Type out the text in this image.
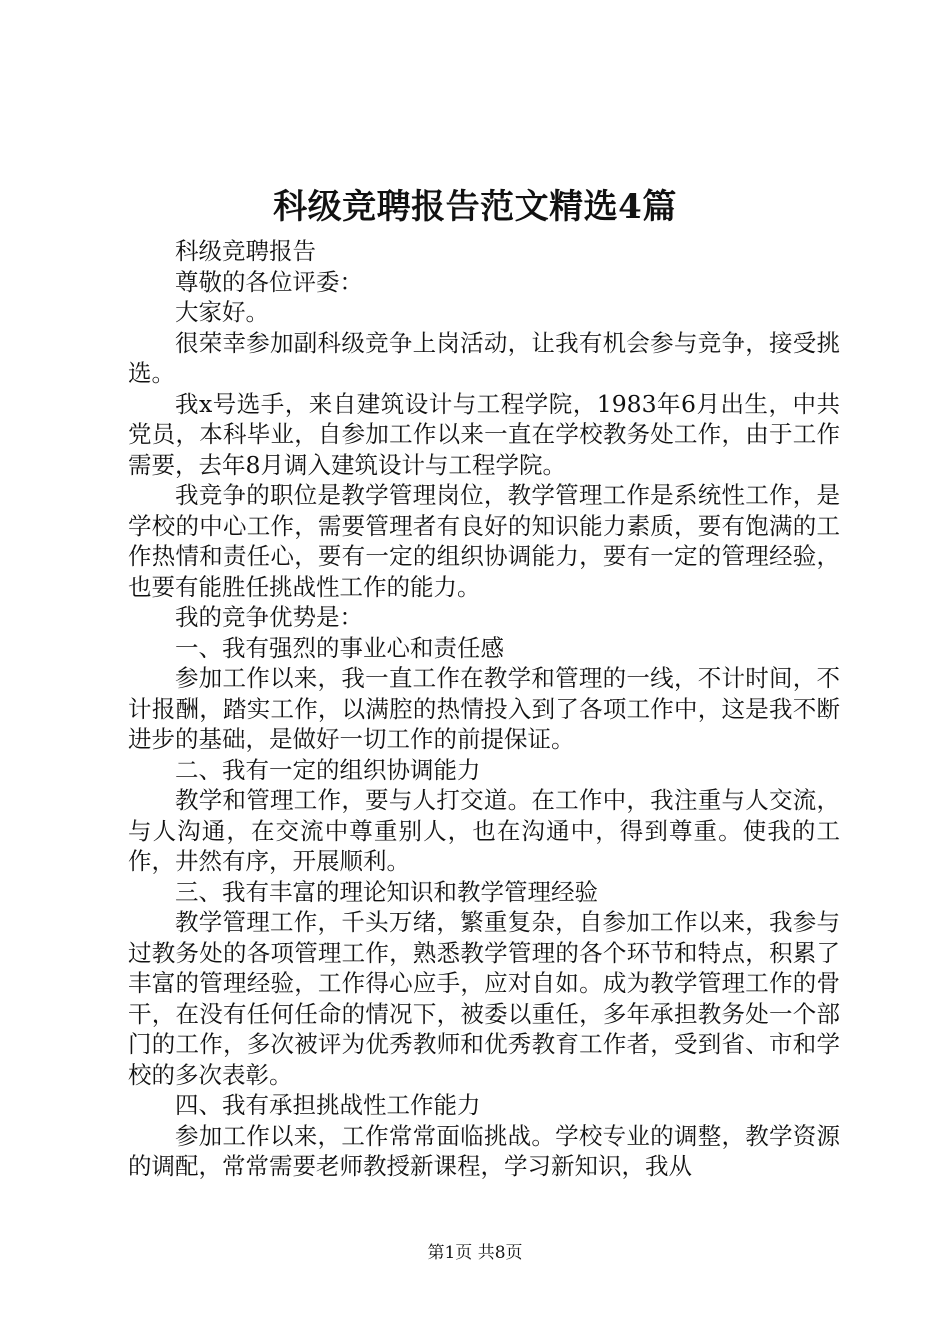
科级竞聘报告范文精选4篇

科级竞聘报告

尊敬的各位评委：

大家好。

很荣幸参加副科级竞争上岗活动，让我有机会参与竞争，接受挑选。

我x号选手，来自建筑设计与工程学院，1983年6月出生，中共党员，本科毕业，自参加工作以来一直在学校教务处工作，由于工作需要，去年8月调入建筑设计与工程学院。

我竞争的职位是教学管理岗位，教学管理工作是系统性工作，是学校的中心工作，需要管理者有良好的知识能力素质，要有饱满的工作热情和责任心，要有一定的组织协调能力，要有一定的管理经验，也要有能胜任挑战性工作的能力。

我的竞争优势是：

一、我有强烈的事业心和责任感

参加工作以来，我一直工作在教学和管理的一线，不计时间，不计报酬，踏实工作，以满腔的热情投入到了各项工作中，这是我不断进步的基础，是做好一切工作的前提保证。

二、我有一定的组织协调能力

教学和管理工作，要与人打交道。在工作中，我注重与人交流，与人沟通，在交流中尊重别人，也在沟通中，得到尊重。使我的工作，井然有序，开展顺利。

三、我有丰富的理论知识和教学管理经验

教学管理工作，千头万绪，繁重复杂，自参加工作以来，我参与过教务处的各项管理工作，熟悉教学管理的各个环节和特点，积累了丰富的管理经验，工作得心应手，应对自如。成为教学管理工作的骨干，在没有任何任命的情况下，被委以重任，多年承担教务处一个部门的工作，多次被评为优秀教师和优秀教育工作者，受到省、市和学校的多次表彰。

四、我有承担挑战性工作能力

参加工作以来，工作常常面临挑战。学校专业的调整，教学资源的调配，常常需要老师教授新课程，学习新知识，我从

第1页 共8页
